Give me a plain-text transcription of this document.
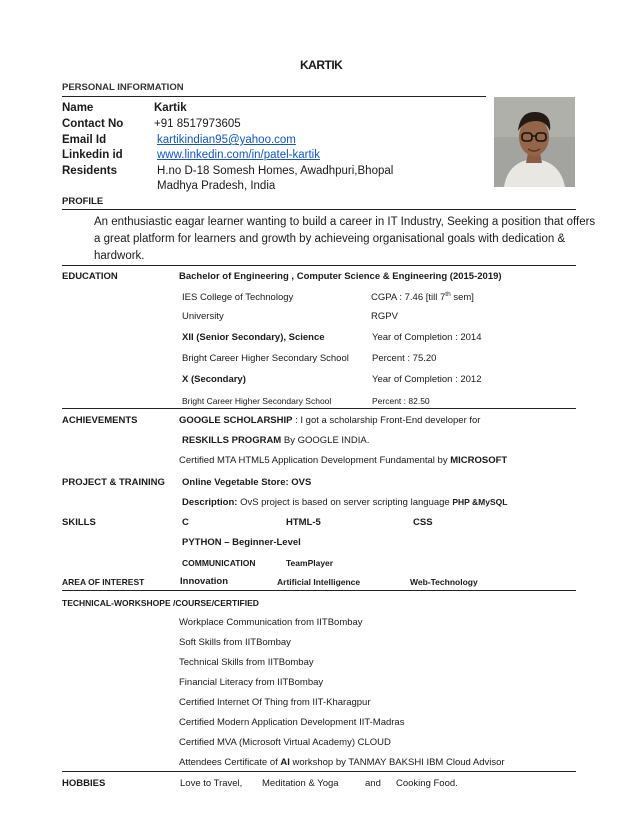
KARTIK
PERSONAL INFORMATION
Name	Kartik
Contact No	+91 8517973605
Email Id	kartikindian95@yahoo.com
Linkedin id	www.linkedin.com/in/patel-kartik
Residents	H.no D-18 Somesh Homes, Awadhpuri,Bhopal
Madhya Pradesh, India
PROFILE
An enthusiastic eagar learner wanting to build a career in IT Industry, Seeking a position that offers
a great platform for learners and growth by achieveing organisational goals with dedication &
hardwork.
EDUCATION	Bachelor of Engineering , Computer Science & Engineering (2015-2019)
IES College of Technology	CGPA : 7.46 [till 7th sem]
University	RGPV
XII (Senior Secondary), Science	Year of Completion : 2014
Bright Career Higher Secondary School Percent : 75.20
X (Secondary)	Year of Completion : 2012
Bright Career Higher Secondary School	Percent : 82.50
ACHIEVEMENTS	GOOGLE SCHOLARSHIP : I got a scholarship Front-End developer for
RESKILLS PROGRAM By GOOGLE INDIA.
Certified MTA HTML5 Application Development Fundamental by MICROSOFT
PROJECT & TRAINING Online Vegetable Store: OVS
Description: OvS project is based on server scripting language PHP &MySQL
SKILLS	C	HTML-5	CSS
PYTHON – Beginner-Level
COMMUNICATION	TeamPlayer
AREA OF INTEREST	Innovation	Artificial Intelligence	Web-Technology
TECHNICAL-WORKSHOPE /COURSE/CERTIFIED
Workplace Communication from IITBombay
Soft Skills from IITBombay
Technical Skills from IITBombay
Financial Literacy from IITBombay
Certified Internet Of Thing from IIT-Kharagpur
Certified Modern Application Development IIT-Madras
Certified MVA (Microsoft Virtual Academy) CLOUD
Attendees Certificate of AI workshop by TANMAY BAKSHI IBM Cloud Advisor
HOBBIES	Love to Travel, Meditation & Yoga	and Cooking Food.
